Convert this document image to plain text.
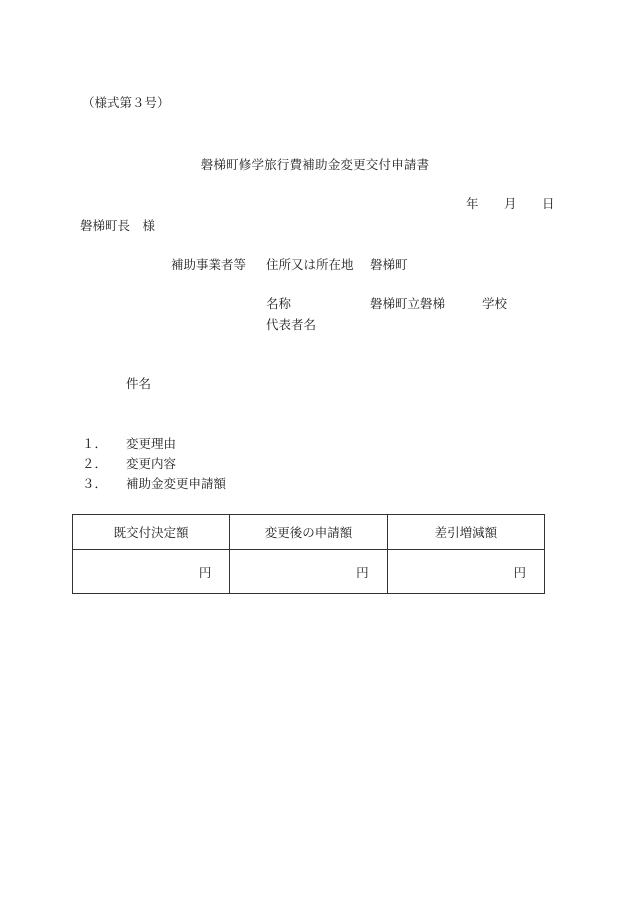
（様式第３号）
磐梯町修学旅行費補助金変更交付申請書
年 月 日
磐梯町長　様
補助事業者等 住所又は所在地 磐梯町
名称	磐梯町立磐梯	学校
代表者名
件名
１． 変更理由
２． 変更内容
３． 補助金変更申請額
既交付決定額	変更後の申請額	差引増減額
円	円	円
